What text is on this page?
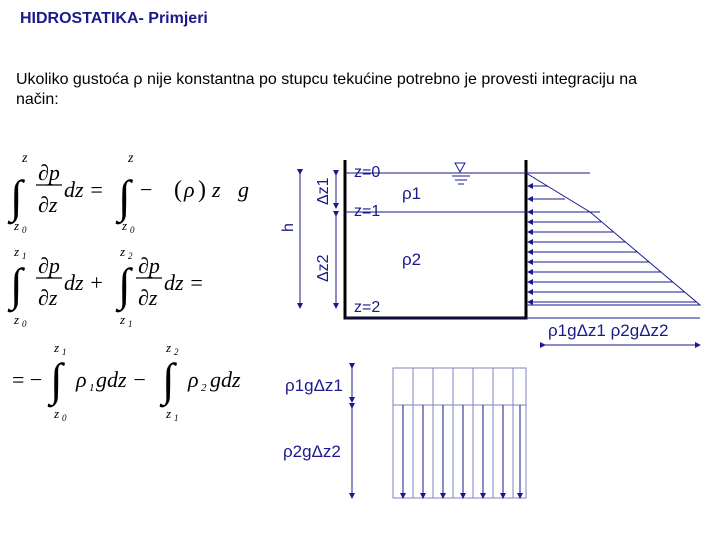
HIDROSTATIKA- Primjeri
Ukoliko gustoća ρ nije konstantna po stupcu tekućine potrebno je provesti integraciju na
način:
∫
z
z 0
∂p
∂z
dz = ∫
z
z 0
− ( ρ ) z g
∫
z 1
z 0
∂p
∂z
dz + ∫
z 2
z 1
∂p
∂z
dz =
= − ∫
z 1
z 0
ρ 1 gdz − ∫
z 2
z 1
ρ 2 gdz
z=0
z=1
z=2
ρ1
ρ2
h
Δz1
Δz2
ρ1gΔz1 ρ2gΔz2
ρ1gΔz1
ρ2gΔz2
